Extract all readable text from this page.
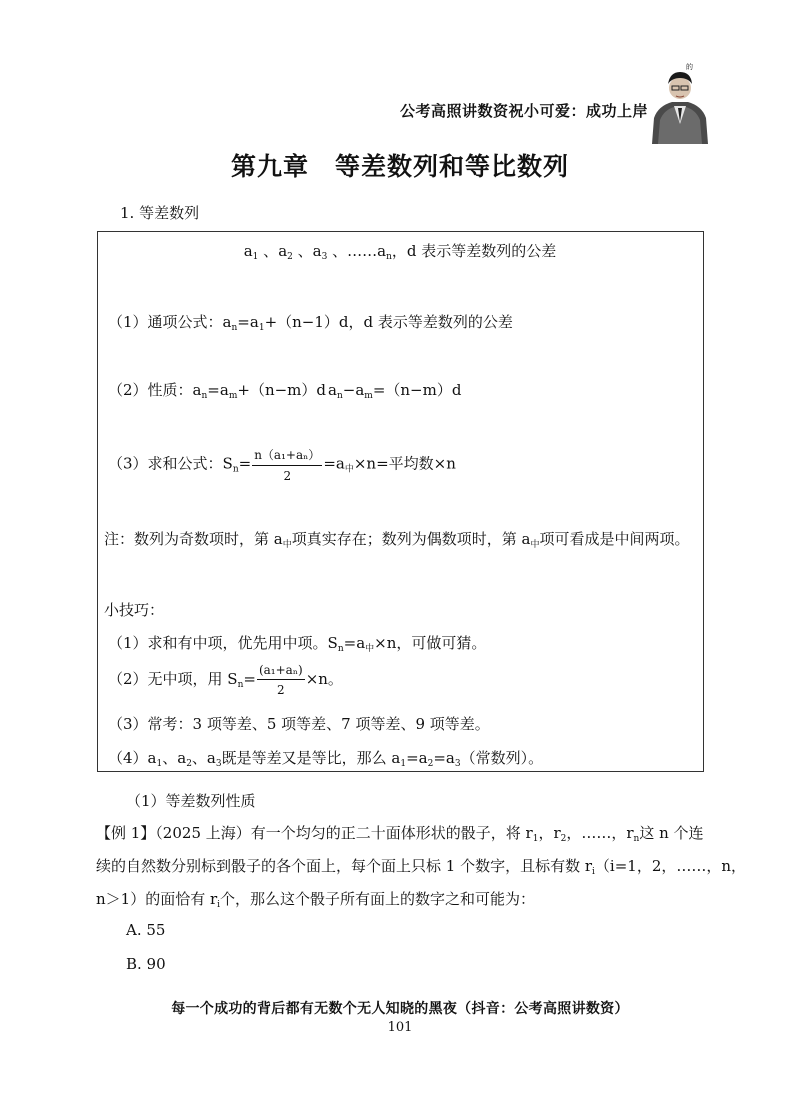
公考高照讲数资祝小可爱：成功上岸
的
第九章　等差数列和等比数列
1. 等差数列
$a_1$ 、$a_2$ 、$a_3$ 、$\dots\dots a_n$，d 表示等差数列的公差
（1）通项公式：$a_n=a_1+(n-1)d$，d 表示等差数列的公差
（2）性质：$a_n=a_m+(n-m)d$ $a_n-a_m=(n-m)d$
（3）求和公式：$S_n= \frac{\text{n（a₁+aₙ）}}{2} =a_中\times n=$平均数×n
注：数列为奇数项时，第 $a_中$项真实存在；数列为偶数项时，第 $a_中$项可看成是中间两项。
小技巧：
（1）求和有中项，优先用中项。$S_n=a_中\times n$，可做可猜。
（2）无中项，用 $S_n= \frac{\text{(a₁+aₙ)}}{2} \times n$。
（3）常考：3 项等差、5 项等差、7 项等差、9 项等差。
$(4)a_1$、$a_2$、$a_3$既是等差又是等比，那么 $a_1=a_2=a_3$（常数列）。
（1）等差数列性质
【例 1】（2025 上海）有一个均匀的正二十面体形状的骰子，将 $r_1$，$r_2$，……，$r_n$这 n 个连
续的自然数分别标到骰子的各个面上，每个面上只标 1 个数字，且标有数 $r_i(i=1$，2，……，n，
n＞1）的面恰有 $r_i$个，那么这个骰子所有面上的数字之和可能为：
A. 55
B. 90
每一个成功的背后都有无数个无人知晓的黑夜（抖音：公考高照讲数资）
101
